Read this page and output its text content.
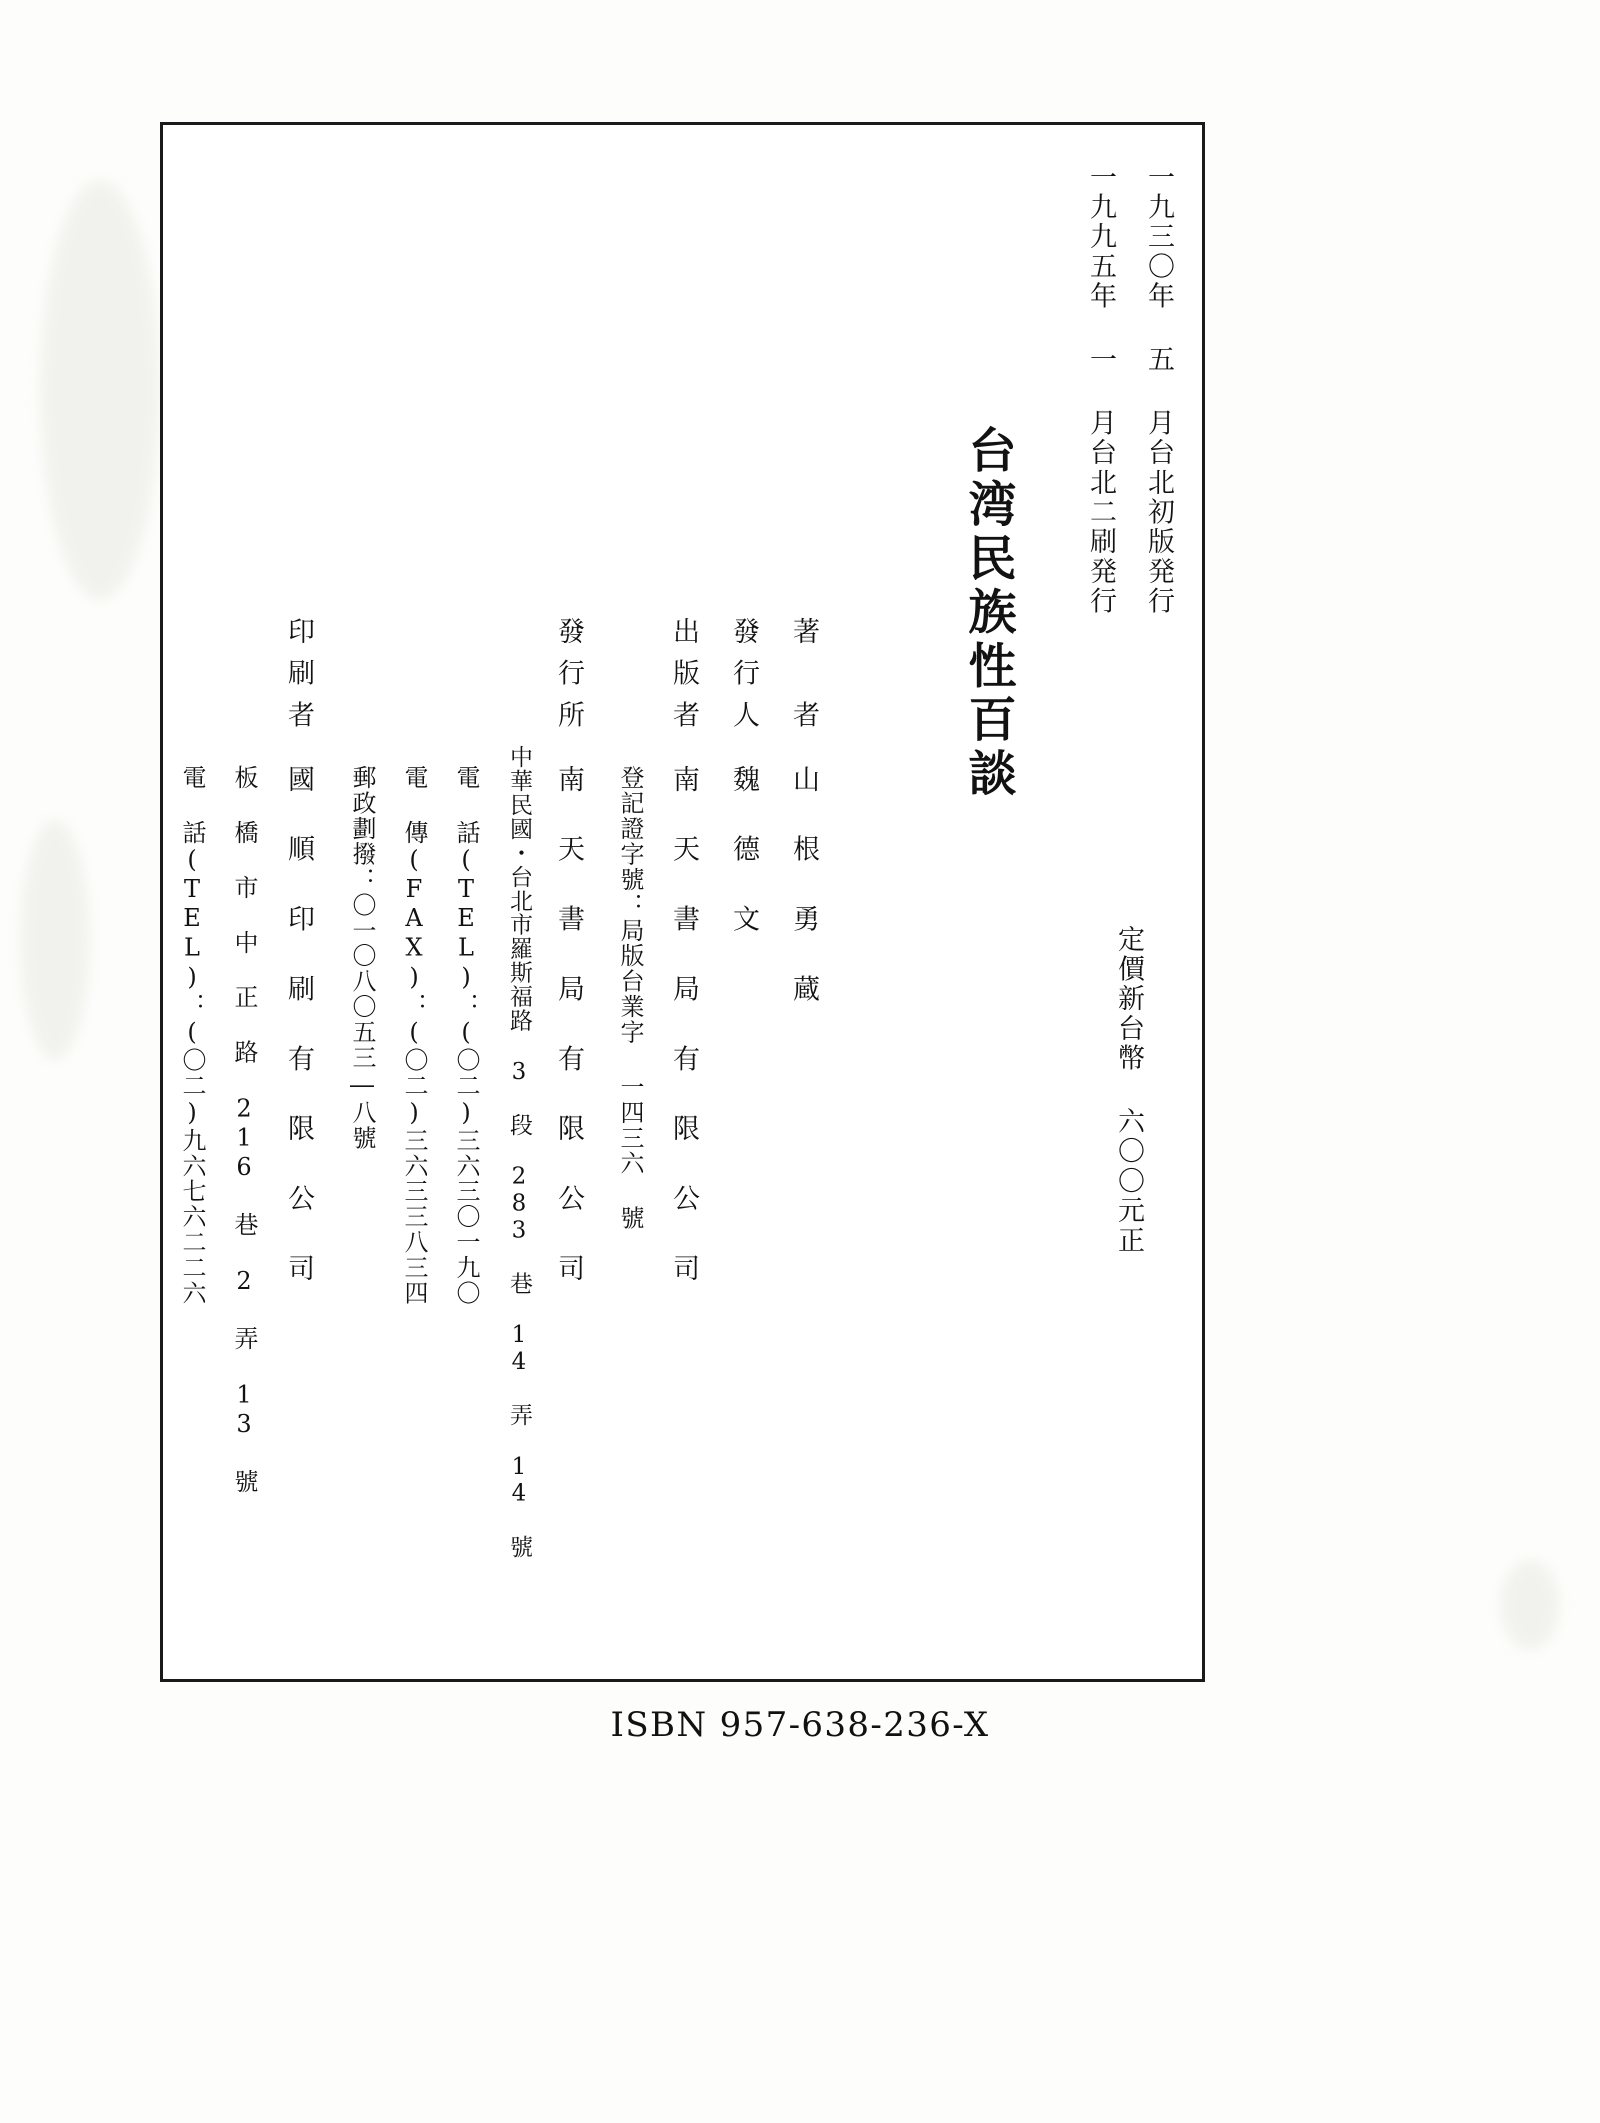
一九三〇年 五 月台北初版発行
一九九五年 一 月台北二刷発行
台湾民族性百談
定價新台幣 六〇〇元正
著　者
山 根 勇 蔵
發行人
魏 德 文
出版者
南 天 書 局 有 限 公 司
登記證字號：局版台業字 一四三六 號
發行所
南 天 書 局 有 限 公 司
中華民國・台北市羅斯福路 3 段 283 巷 14 弄 14 號
電 話(TEL)：(〇二)三六三〇一九〇
電 傳(FAX)：(〇二)三六三三八三四
郵政劃撥：〇一〇八〇五三―八號
印刷者
國 順 印 刷 有 限 公 司
板 橋 市 中 正 路 216 巷 2 弄 13 號
電 話(TEL)：(〇二)九六七六二二六
ISBN 957-638-236-X
